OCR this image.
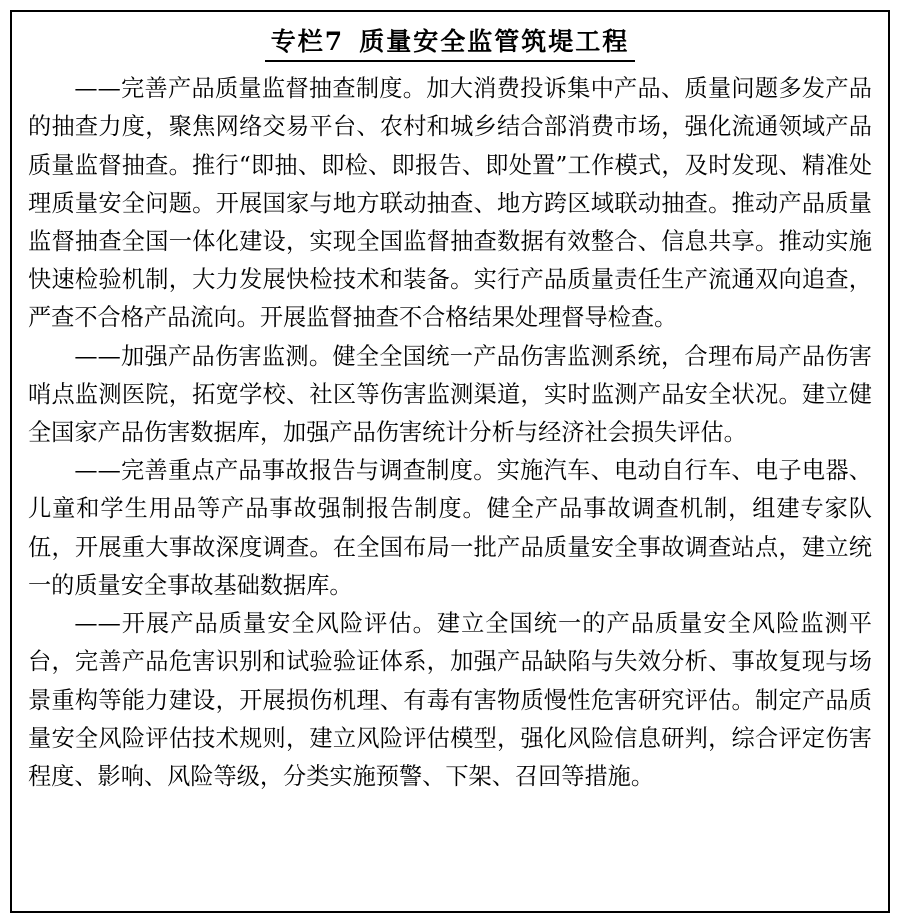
专栏7 质量安全监管筑堤工程

——完善产品质量监督抽查制度。加大消费投诉集中产品、质量问题多发产品的抽查力度，聚焦网络交易平台、农村和城乡结合部消费市场，强化流通领域产品质量监督抽查。推行“即抽、即检、即报告、即处置”工作模式，及时发现、精准处理质量安全问题。开展国家与地方联动抽查、地方跨区域联动抽查。推动产品质量监督抽查全国一体化建设，实现全国监督抽查数据有效整合、信息共享。推动实施快速检验机制，大力发展快检技术和装备。实行产品质量责任生产流通双向追查，严查不合格产品流向。开展监督抽查不合格结果处理督导检查。

——加强产品伤害监测。健全全国统一产品伤害监测系统，合理布局产品伤害哨点监测医院，拓宽学校、社区等伤害监测渠道，实时监测产品安全状况。建立健全国家产品伤害数据库，加强产品伤害统计分析与经济社会损失评估。

——完善重点产品事故报告与调查制度。实施汽车、电动自行车、电子电器、儿童和学生用品等产品事故强制报告制度。健全产品事故调查机制，组建专家队伍，开展重大事故深度调查。在全国布局一批产品质量安全事故调查站点，建立统一的质量安全事故基础数据库。

——开展产品质量安全风险评估。建立全国统一的产品质量安全风险监测平台，完善产品危害识别和试验验证体系，加强产品缺陷与失效分析、事故复现与场景重构等能力建设，开展损伤机理、有毒有害物质慢性危害研究评估。制定产品质量安全风险评估技术规则，建立风险评估模型，强化风险信息研判，综合评定伤害程度、影响、风险等级，分类实施预警、下架、召回等措施。
